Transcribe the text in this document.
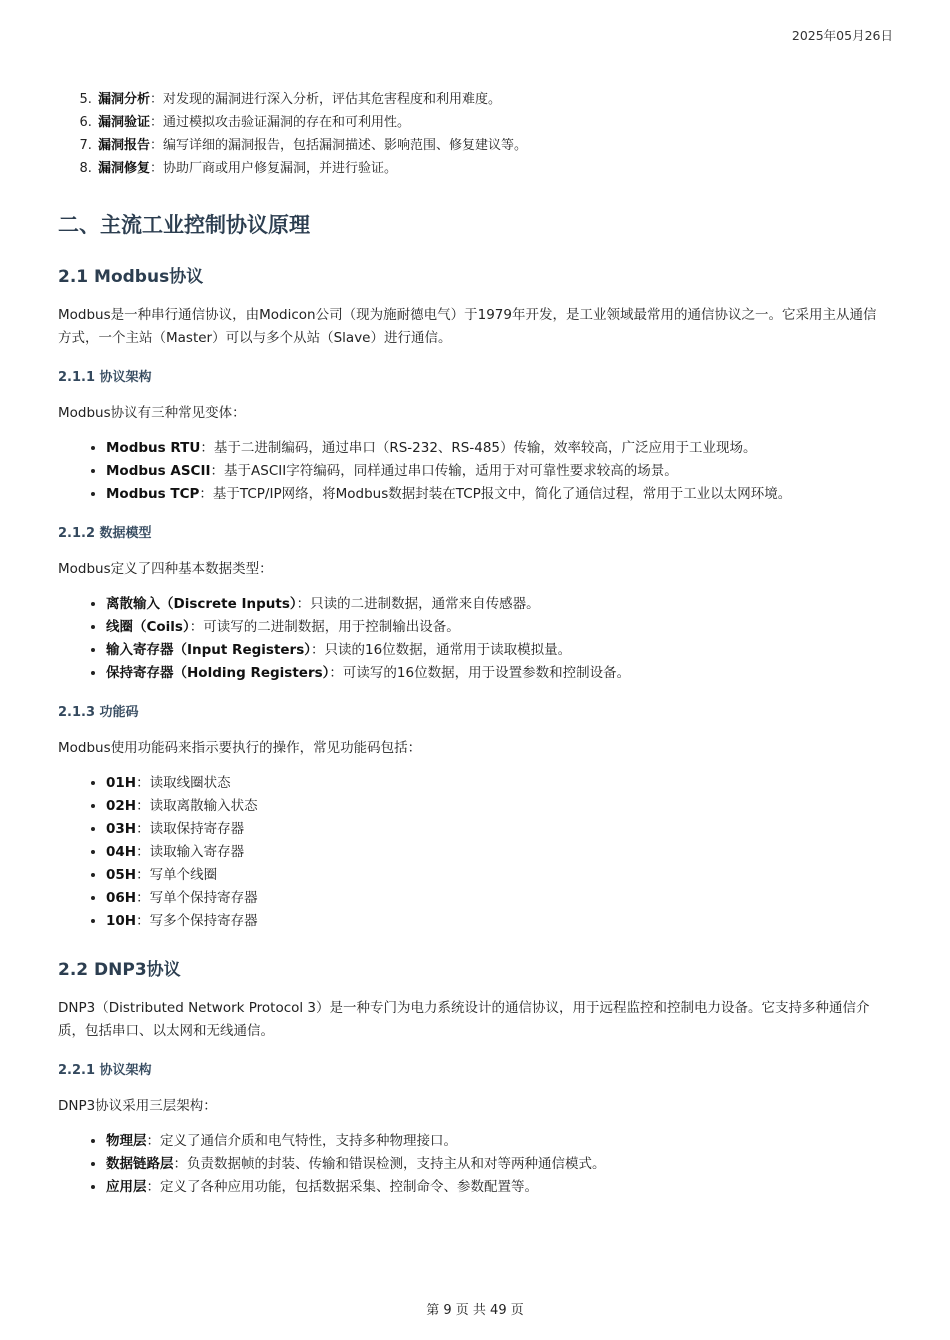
2025年05月26日
5. 漏洞分析：对发现的漏洞进行深入分析，评估其危害程度和利用难度。
6. 漏洞验证：通过模拟攻击验证漏洞的存在和可利用性。
7. 漏洞报告：编写详细的漏洞报告，包括漏洞描述、影响范围、修复建议等。
8. 漏洞修复：协助厂商或用户修复漏洞，并进行验证。
二、主流工业控制协议原理
2.1 Modbus协议

Modbus是一种串行通信协议，由Modicon公司（现为施耐德电气）于1979年开发，是工业领域最常用的通信协议之一。它采用主从通信方式，一个主站（Master）可以与多个从站（Slave）进行通信。

2.1.1 协议架构

Modbus协议有三种常见变体：

• Modbus RTU：基于二进制编码，通过串口（RS-232、RS-485）传输，效率较高，广泛应用于工业现场。
• Modbus ASCII：基于ASCII字符编码，同样通过串口传输，适用于对可靠性要求较高的场景。
• Modbus TCP：基于TCP/IP网络，将Modbus数据封装在TCP报文中，简化了通信过程，常用于工业以太网环境。
2.1.2 数据模型

Modbus定义了四种基本数据类型：

• 离散输入（Discrete Inputs）：只读的二进制数据，通常来自传感器。
• 线圈（Coils）：可读写的二进制数据，用于控制输出设备。
• 输入寄存器（Input Registers）：只读的16位数据，通常用于读取模拟量。
• 保持寄存器（Holding Registers）：可读写的16位数据，用于设置参数和控制设备。
2.1.3 功能码

Modbus使用功能码来指示要执行的操作，常见功能码包括：

• 01H：读取线圈状态
• 02H：读取离散输入状态
• 03H：读取保持寄存器
• 04H：读取输入寄存器
• 05H：写单个线圈
• 06H：写单个保持寄存器
• 10H：写多个保持寄存器
2.2 DNP3协议

DNP3（Distributed Network Protocol 3）是一种专门为电力系统设计的通信协议，用于远程监控和控制电力设备。它支持多种通信介质，包括串口、以太网和无线通信。

2.2.1 协议架构

DNP3协议采用三层架构：

• 物理层：定义了通信介质和电气特性，支持多种物理接口。
• 数据链路层：负责数据帧的封装、传输和错误检测，支持主从和对等两种通信模式。
• 应用层：定义了各种应用功能，包括数据采集、控制命令、参数配置等。
第 9 页 共 49 页
